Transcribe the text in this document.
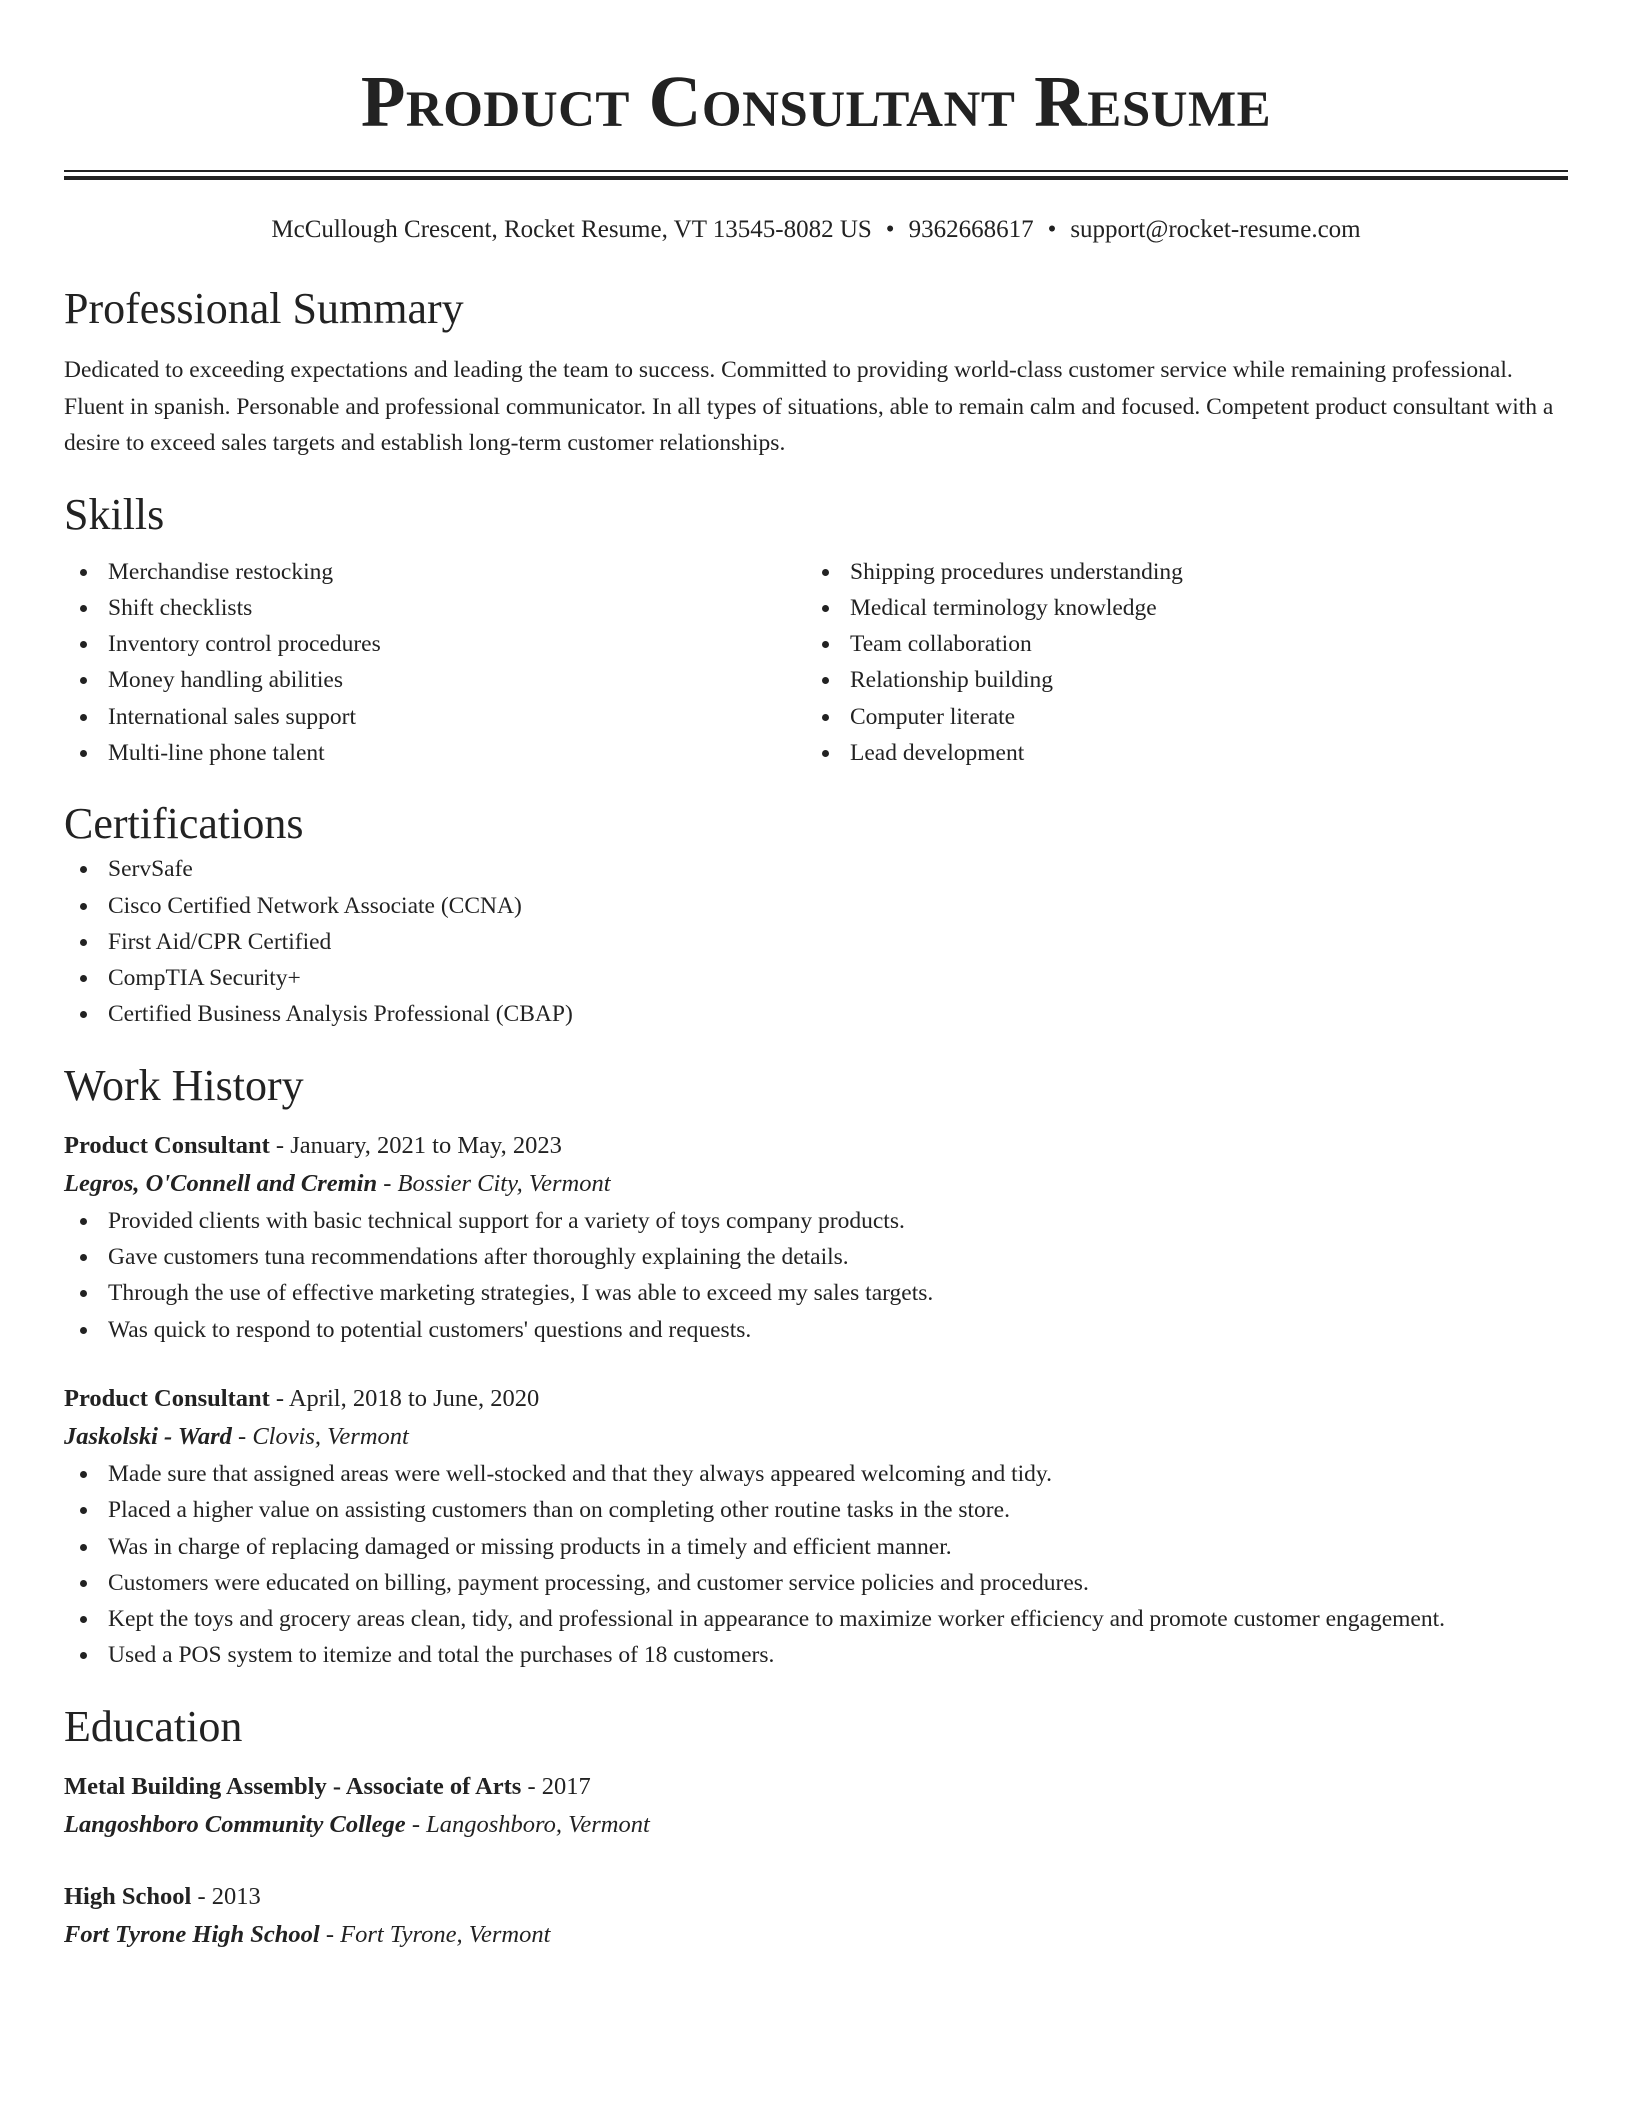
Product Consultant Resume
McCullough Crescent, Rocket Resume, VT 13545-8082 US • 9362668617 • support@rocket-resume.com
Professional Summary

Dedicated to exceeding expectations and leading the team to success. Committed to providing world-class customer service while remaining professional. Fluent in spanish. Personable and professional communicator. In all types of situations, able to remain calm and focused. Competent product consultant with a desire to exceed sales targets and establish long-term customer relationships.

Skills
Merchandise restocking
Shift checklists
Inventory control procedures
Money handling abilities
International sales support
Multi-line phone talent
Shipping procedures understanding
Medical terminology knowledge
Team collaboration
Relationship building
Computer literate
Lead development
Certifications
ServSafe
Cisco Certified Network Associate (CCNA)
First Aid/CPR Certified
CompTIA Security+
Certified Business Analysis Professional (CBAP)
Work History

Product Consultant - January, 2021 to May, 2023

Legros, O'Connell and Cremin - Bossier City, Vermont

Provided clients with basic technical support for a variety of toys company products.
Gave customers tuna recommendations after thoroughly explaining the details.
Through the use of effective marketing strategies, I was able to exceed my sales targets.
Was quick to respond to potential customers' questions and requests.

Product Consultant - April, 2018 to June, 2020

Jaskolski - Ward - Clovis, Vermont

Made sure that assigned areas were well-stocked and that they always appeared welcoming and tidy.
Placed a higher value on assisting customers than on completing other routine tasks in the store.
Was in charge of replacing damaged or missing products in a timely and efficient manner.
Customers were educated on billing, payment processing, and customer service policies and procedures.
Kept the toys and grocery areas clean, tidy, and professional in appearance to maximize worker efficiency and promote customer engagement.
Used a POS system to itemize and total the purchases of 18 customers.
Education

Metal Building Assembly - Associate of Arts - 2017

Langoshboro Community College - Langoshboro, Vermont

High School - 2013

Fort Tyrone High School - Fort Tyrone, Vermont
